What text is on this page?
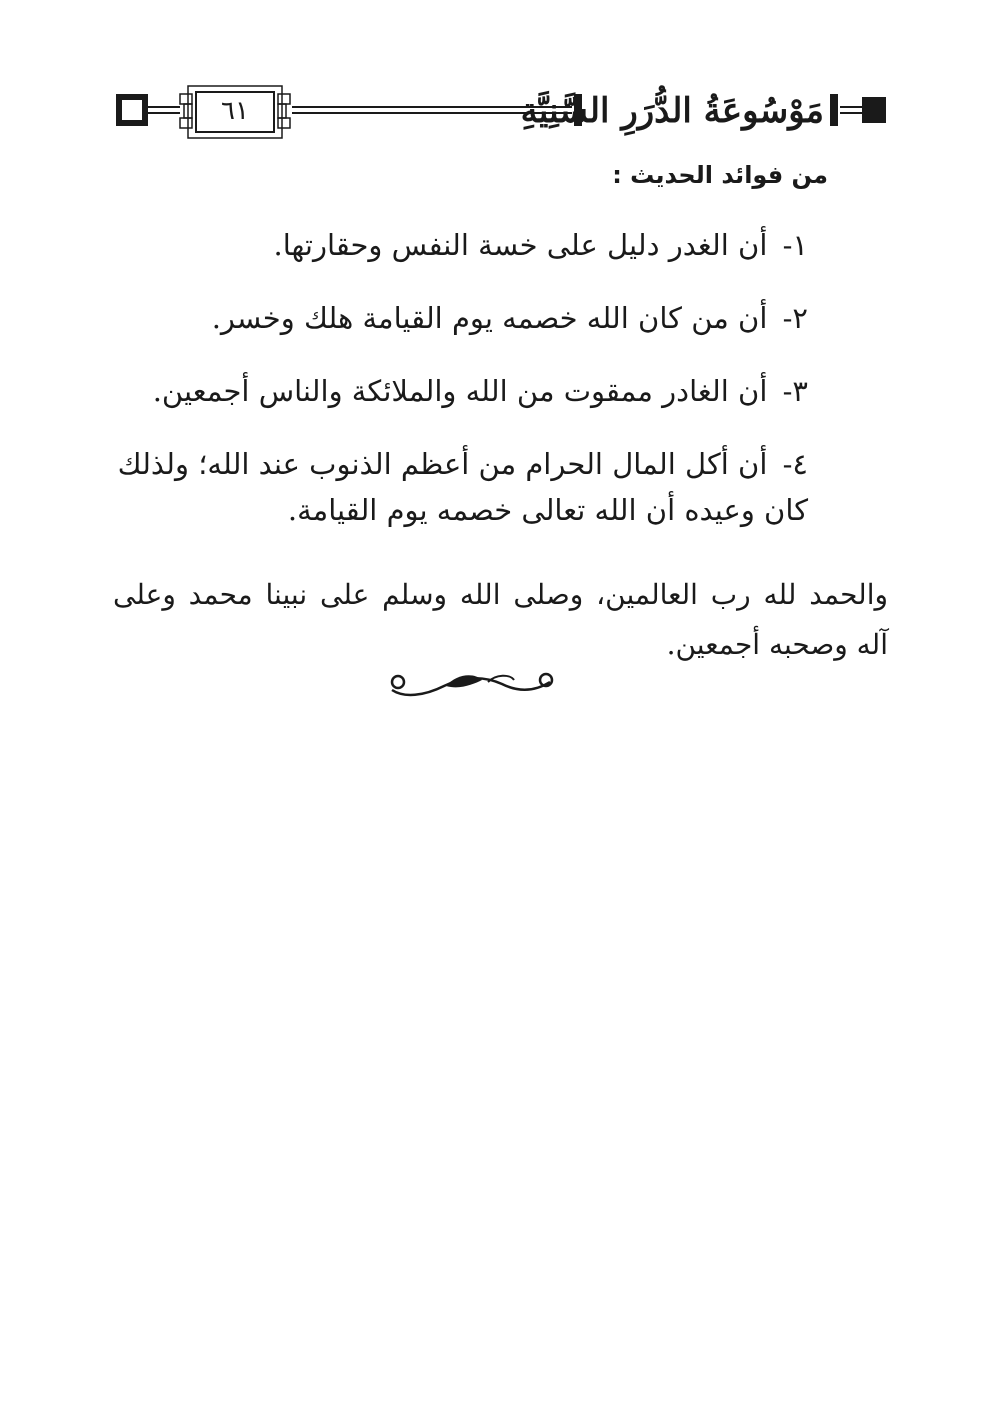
٦١	مَوْسُوعَةُ الدُّرَرِ السَّنِيَّةِ
من فوائد الحديث :
١- أن الغدر دليل على خسة النفس وحقارتها.
٢- أن من كان الله خصمه يوم القيامة هلك وخسر.
٣- أن الغادر ممقوت من الله والملائكة والناس أجمعين.
٤- أن أكل المال الحرام من أعظم الذنوب عند الله؛ ولذلك كان وعيده أن الله تعالى خصمه يوم القيامة.
والحمد لله رب العالمين، وصلى الله وسلم على نبينا محمد وعلى آله وصحبه أجمعين.
